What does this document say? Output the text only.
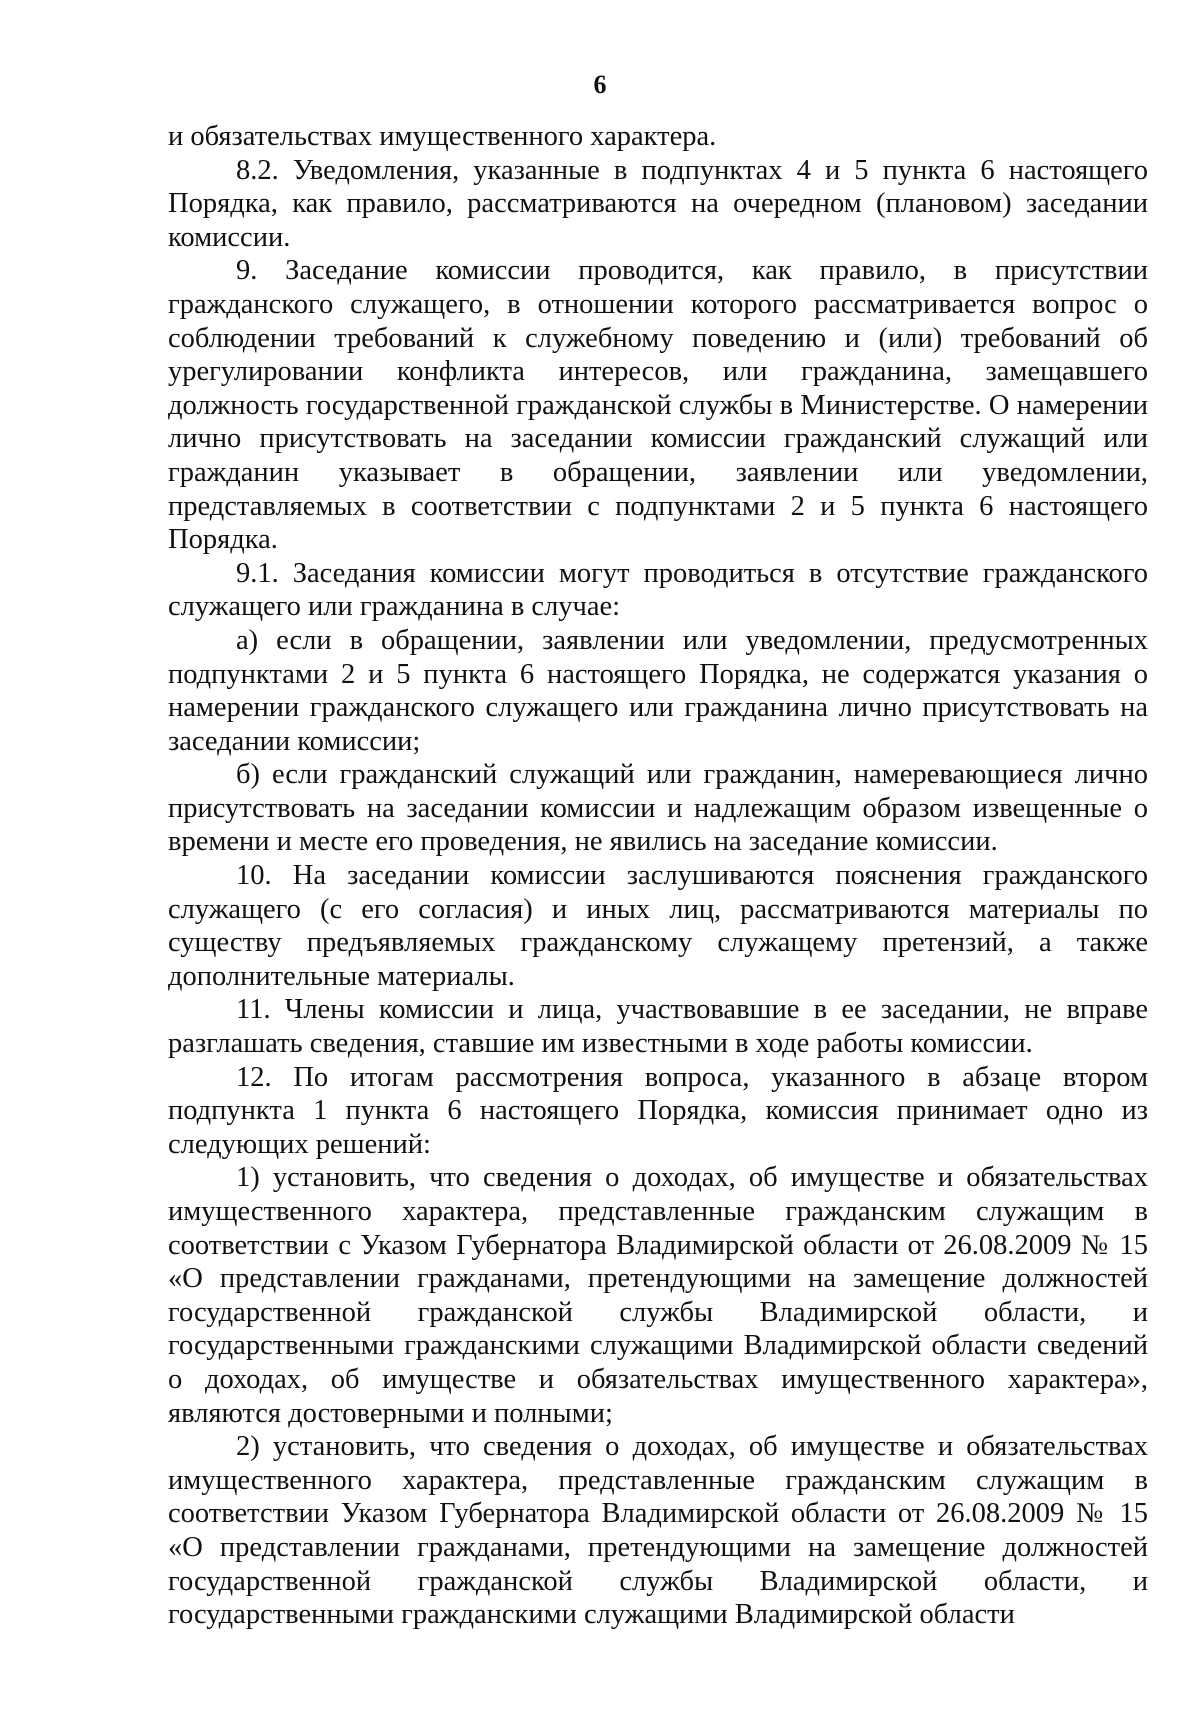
6

и обязательствах имущественного характера.

8.2. Уведомления, указанные в подпунктах 4 и 5 пункта 6 настоящего Порядка, как правило, рассматриваются на очередном (плановом) заседании комиссии.

9. Заседание комиссии проводится, как правило, в присутствии гражданского служащего, в отношении которого рассматривается вопрос о соблюдении требований к служебному поведению и (или) требований об урегулировании конфликта интересов, или гражданина, замещавшего должность государственной гражданской службы в Министерстве. О намерении лично присутствовать на заседании комиссии гражданский служащий или гражданин указывает в обращении, заявлении или уведомлении, представляемых в соответствии с подпунктами 2 и 5 пункта 6 настоящего Порядка.

9.1. Заседания комиссии могут проводиться в отсутствие гражданского служащего или гражданина в случае:

а) если в обращении, заявлении или уведомлении, предусмотренных подпунктами 2 и 5 пункта 6 настоящего Порядка, не содержатся указания о намерении гражданского служащего или гражданина лично присутствовать на заседании комиссии;

б) если гражданский служащий или гражданин, намеревающиеся лично присутствовать на заседании комиссии и надлежащим образом извещенные о времени и месте его проведения, не явились на заседание комиссии.

10. На заседании комиссии заслушиваются пояснения гражданского служащего (с его согласия) и иных лиц, рассматриваются материалы по существу предъявляемых гражданскому служащему претензий, а также дополнительные материалы.

11. Члены комиссии и лица, участвовавшие в ее заседании, не вправе разглашать сведения, ставшие им известными в ходе работы комиссии.

12. По итогам рассмотрения вопроса, указанного в абзаце втором подпункта 1 пункта 6 настоящего Порядка, комиссия принимает одно из следующих решений:

1) установить, что сведения о доходах, об имуществе и обязательствах имущественного характера, представленные гражданским служащим в соответствии с Указом Губернатора Владимирской области от 26.08.2009 № 15 «О представлении гражданами, претендующими на замещение должностей государственной гражданской службы Владимирской области, и государственными гражданскими служащими Владимирской области сведений о доходах, об имуществе и обязательствах имущественного характера», являются достоверными и полными;

2) установить, что сведения о доходах, об имуществе и обязательствах имущественного характера, представленные гражданским служащим в соответствии Указом Губернатора Владимирской области от 26.08.2009 № 15 «О представлении гражданами, претендующими на замещение должностей государственной гражданской службы Владимирской области, и государственными гражданскими служащими Владимирской области
